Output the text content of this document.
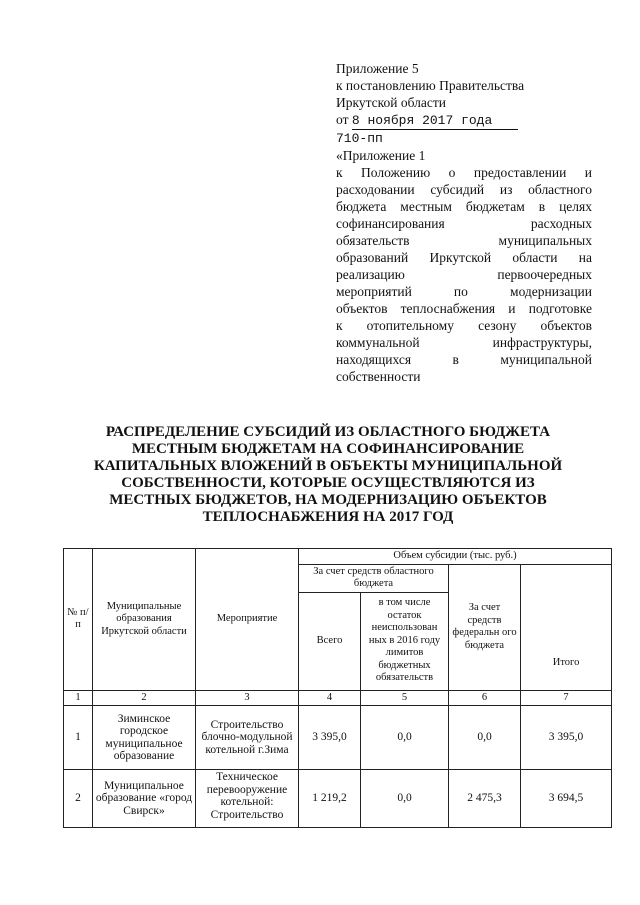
Приложение 5
к постановлению Правительства
Иркутской области
от 8 ноября 2017 года
710-пп
«Приложение 1
к Положению о предоставлении и
расходовании субсидий из областного
бюджета местным бюджетам в целях
софинансирования расходных
обязательств муниципальных
образований Иркутской области на
реализацию первоочередных
мероприятий по модернизации
объектов теплоснабжения и подготовке
к отопительному сезону объектов
коммунальной инфраструктуры,
находящихся в муниципальной
собственности
РАСПРЕДЕЛЕНИЕ СУБСИДИЙ ИЗ ОБЛАСТНОГО БЮДЖЕТА МЕСТНЫМ БЮДЖЕТАМ НА СОФИНАНСИРОВАНИЕ КАПИТАЛЬНЫХ ВЛОЖЕНИЙ В ОБЪЕКТЫ МУНИЦИПАЛЬНОЙ СОБСТВЕННОСТИ, КОТОРЫЕ ОСУЩЕСТВЛЯЮТСЯ ИЗ МЕСТНЫХ БЮДЖЕТОВ, НА МОДЕРНИЗАЦИЮ ОБЪЕКТОВ ТЕПЛОСНАБЖЕНИЯ НА 2017 ГОД
№ п/п	Муниципальные образования Иркутской области	Мероприятие	Объем субсидии (тыс. руб.)			
			За счет средств областного бюджета		За счет средств федеральн ого бюджета	Итого
			Всего	в том числе остаток неиспользован ных в 2016 году лимитов бюджетных обязательств		
1	2	3	4	5	6	7
1	Зиминское городское муниципальное образование	Строительство блочно-модульной котельной г.Зима	3 395,0	0,0	0,0	3 395,0
2	Муниципальное образование «город Свирск»	Техническое перевооружение котельной: Строительство	1 219,2	0,0	2 475,3	3 694,5
